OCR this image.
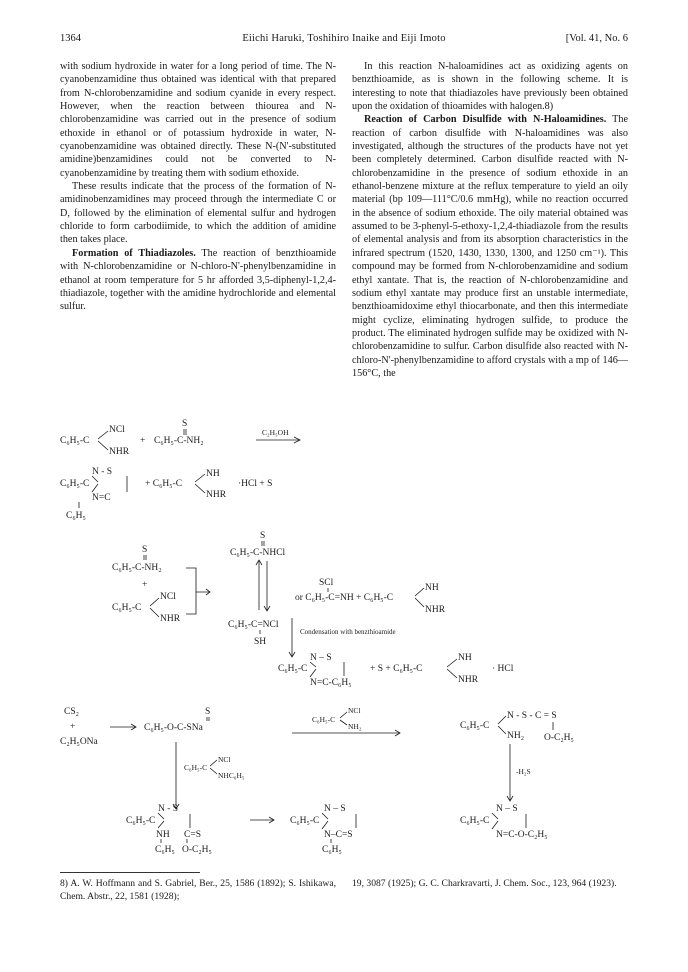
1364	Eiichi Haruki, Toshihiro Inaike and Eiji Imoto	[Vol. 41, No. 6

with sodium hydroxide in water for a long period of time. The N-cyanobenzamidine thus obtained was identical with that prepared from N-chlorobenzamidine and sodium cyanide in every respect. However, when the reaction between thiourea and N-chlorobenzamidine was carried out in the presence of sodium ethoxide in ethanol or of potassium hydroxide in water, N-cyanobenzamidine was obtained directly. These N-(N'-substituted amidine)benzamidines could not be converted to N-cyanobenzamidine by treating them with sodium ethoxide.

These results indicate that the process of the formation of N-amidinobenzamidines may proceed through the intermediate C or D, followed by the elimination of elemental sulfur and hydrogen chloride to form carbodiimide, to which the addition of amidine then takes place.

Formation of Thiadiazoles. The reaction of benzthioamide with N-chlorobenzamidine or N-chloro-N'-phenylbenzamidine in ethanol at room temperature for 5 hr afforded 3,5-diphenyl-1,2,4-thiadiazole, together with the amidine hydrochloride and elemental sulfur.

In this reaction N-haloamidines act as oxidizing agents on benzthioamide, as is shown in the following scheme. It is interesting to note that thiadiazoles have previously been obtained upon the oxidation of thioamides with halogen.8)

Reaction of Carbon Disulfide with N-Haloamidines. The reaction of carbon disulfide with N-haloamidines was also investigated, although the structures of the products have not yet been completely determined. Carbon disulfide reacted with N-chlorobenzamidine in the presence of sodium ethoxide in an ethanol-benzene mixture at the reflux temperature to yield an oily material (bp 109—111°C/0.6 mmHg), while no reaction occurred in the absence of sodium ethoxide. The oily material obtained was assumed to be 3-phenyl-5-ethoxy-1,2,4-thiadiazole from the results of elemental analysis and from its absorption characteristics in the infrared spectrum (1520, 1430, 1330, 1300, and 1250 cm⁻¹). This compound may be formed from N-chlorobenzamidine and sodium ethyl xantate. That is, the reaction of N-chlorobenzamidine and sodium ethyl xantate may produce first an unstable intermediate, benzthioamidoxime ethyl thiocarbonate, and then this intermediate might cyclize, eliminating hydrogen sulfide, to produce the product. The eliminated hydrogen sulfide may be oxidized with N-chlorobenzamidine to sulfur. Carbon disulfide also reacted with N-chloro-N'-phenylbenzamidine to afford crystals with a mp of 146—156°C, the

C₆H₅-C
NCl
NHR
+
S
C₆H₅-C-NH₂
C₂H₅OH
N - S
C₆H₅-C
N=C
C₆H₅
+ C₆H₅-C
NH
NHR
·HCl + S
S
C₆H₅-C-NHCl
S
C₆H₅-C-NH₂
+
C₆H₅-C
NCl
NHR
C₆H₅-C=NCl
SH
SCl
or C₆H₅-C=NH + C₆H₅-C
NH
NHR
Condensation with benzthioamide
N – S
C₆H₅-C
N=C-C₆H₅
+ S + C₆H₅-C
NH
NHR
· HCl
CS₂
+
C₂H₅ONa
S
C₆H₅-O-C-SNa
C₆H₅-C
NCl
NH₂	C₆H₅-C
N - S - C = S
NH₂ O-C₂H₅
C₆H₅-C
NCl
NHC₆H₅	-H₂S
N - S
C₆H₅-C
NH
C₆H₅
C=S
O-C₂H₅
N – S
C₆H₅-C
N–C=S
C₆H₅
N – S
C₆H₅-C
N=C-O-C₂H₅
8) A. W. Hoffmann and S. Gabriel, Ber., 25, 1586 (1892); S. Ishikawa, Chem. Abstr., 22, 1581 (1928);
19, 3087 (1925); G. C. Charkravarti, J. Chem. Soc., 123, 964 (1923).
